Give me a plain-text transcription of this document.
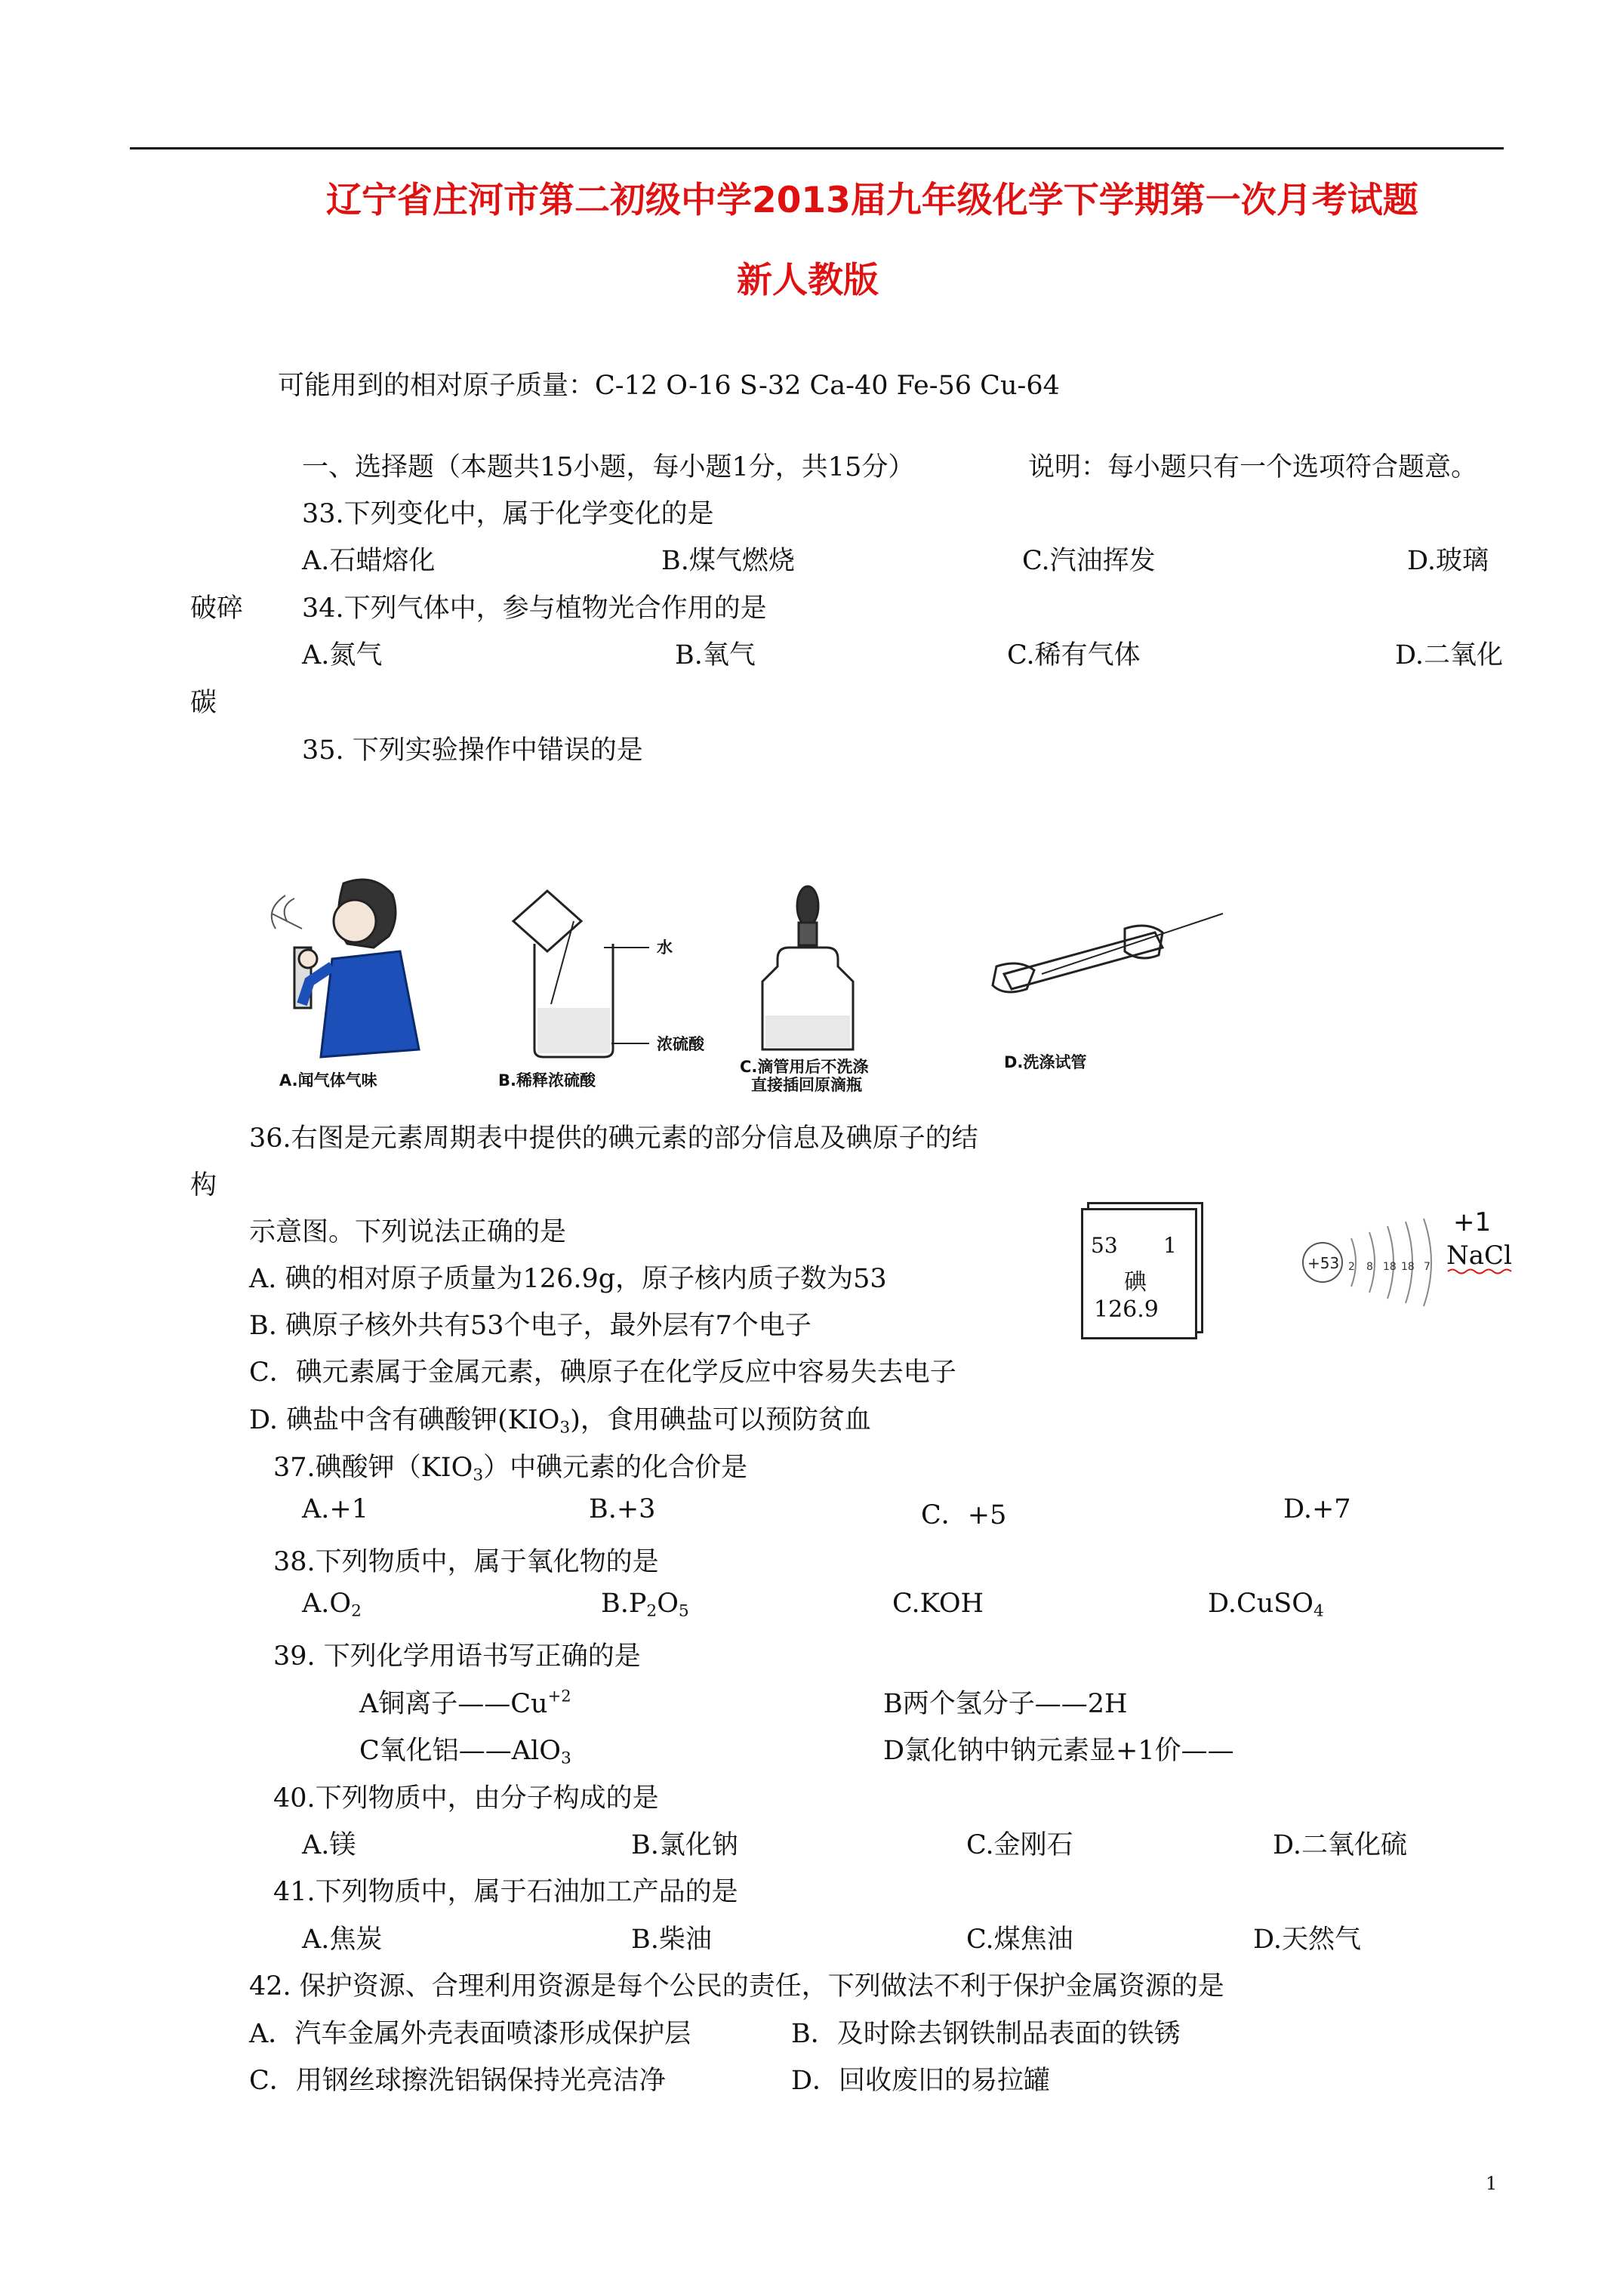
辽宁省庄河市第二初级中学2013届九年级化学下学期第一次月考试题
新人教版
可能用到的相对原子质量：C-12 O-16 S-32 Ca-40 Fe-56 Cu-64
一、选择题（本题共15小题，每小题1分，共15分）	说明：每小题只有一个选项符合题意。
33.下列变化中，属于化学变化的是
A.石蜡熔化	B.煤气燃烧	C.汽油挥发	D.玻璃
破碎 34.下列气体中，参与植物光合作用的是
A.氮气	B.氧气	C.稀有气体	D.二氧化
碳
35. 下列实验操作中错误的是
A.闻气体气味
水
浓硫酸
B.稀释浓硫酸
C.滴管用后不洗涤
直接插回原滴瓶
D.洗涤试管
36.右图是元素周期表中提供的碘元素的部分信息及碘原子的结
构
示意图。下列说法正确的是
A. 碘的相对原子质量为126.9g，原子核内质子数为53
B. 碘原子核外共有53个电子，最外层有7个电子
C．碘元素属于金属元素，碘原子在化学反应中容易失去电子
D. 碘盐中含有碘酸钾$(KIO_3)$，食用碘盐可以预防贫血
53 1
碘
126.9
+53 2 8 18 18 7
+1
NaCl
37.碘酸钾$(KIO_3)$中碘元素的化合价是
A.+1	B.+3	C．+5	D.+7
38.下列物质中，属于氧化物的是
$A.O_2$	$B.P_2O_5$	C.KOH	D.CuSO$_4$
39. 下列化学用语书写正确的是
A铜离子$——Cu^{+2}$	B两个氢分子——2H
C氧化铝——AlO$_3$	D氯化钠中钠元素显+1价——
40.下列物质中，由分子构成的是
A.镁	B.氯化钠	C.金刚石	D.二氧化硫
41.下列物质中，属于石油加工产品的是
A.焦炭	B.柴油	C.煤焦油	D.天然气
42. 保护资源、合理利用资源是每个公民的责任，下列做法不利于保护金属资源的是
A．汽车金属外壳表面喷漆形成保护层	B．及时除去钢铁制品表面的铁锈
C．用钢丝球擦洗铝锅保持光亮洁净	D．回收废旧的易拉罐
1
